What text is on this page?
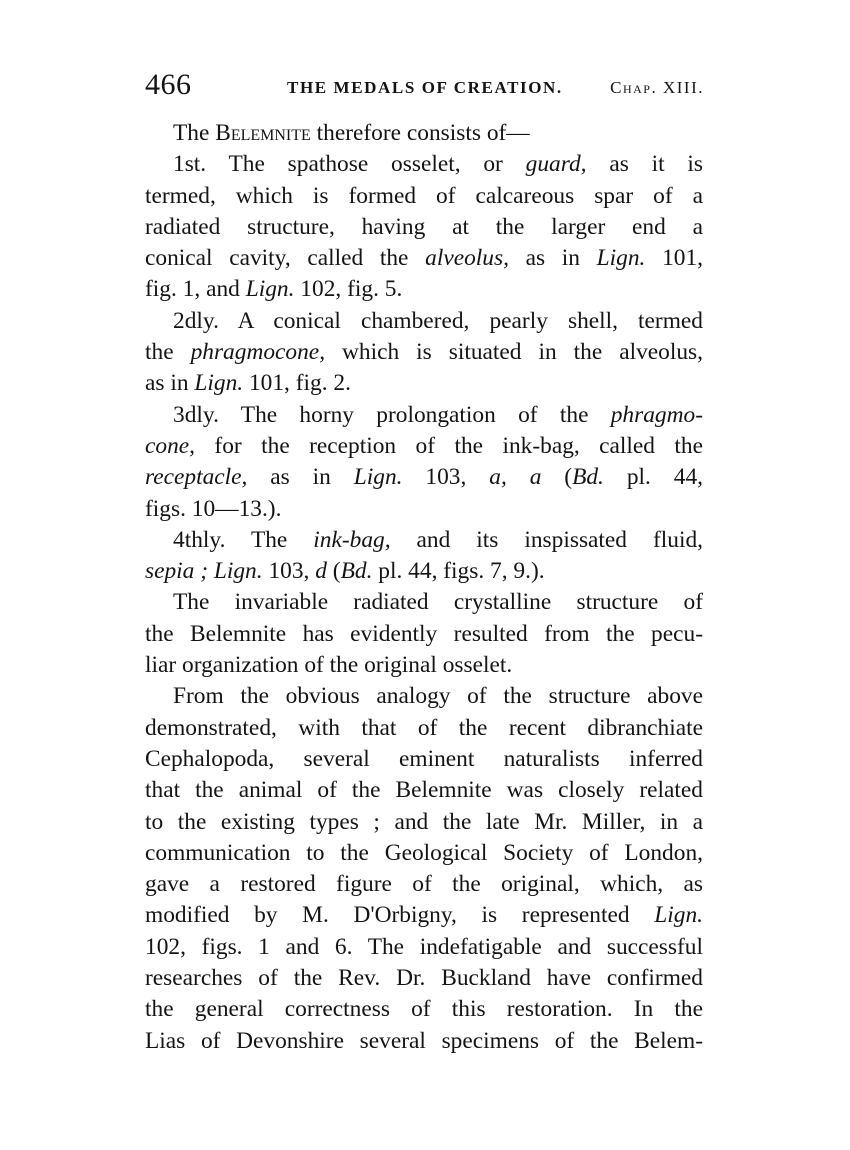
466	THE MEDALS OF CREATION.	Chap. XIII.

The Belemnite therefore consists of—

1st. The spathose osselet, or guard, as it is
termed, which is formed of calcareous spar of a
radiated structure, having at the larger end a
conical cavity, called the alveolus, as in Lign. 101,
fig. 1, and Lign. 102, fig. 5.

2dly. A conical chambered, pearly shell, termed
the phragmocone, which is situated in the alveolus,
as in Lign. 101, fig. 2.

3dly. The horny prolongation of the phragmo-
cone, for the reception of the ink-bag, called the
receptacle, as in Lign. 103, a, a (Bd. pl. 44,
figs. 10—13.).

4thly. The ink-bag, and its inspissated fluid,
sepia ; Lign. 103, d (Bd. pl. 44, figs. 7, 9.).

The invariable radiated crystalline structure of
the Belemnite has evidently resulted from the pecu-
liar organization of the original osselet.

From the obvious analogy of the structure above
demonstrated, with that of the recent dibranchiate
Cephalopoda, several eminent naturalists inferred
that the animal of the Belemnite was closely related
to the existing types ; and the late Mr. Miller, in a
communication to the Geological Society of London,
gave a restored figure of the original, which, as
modified by M. D'Orbigny, is represented Lign.
102, figs. 1 and 6. The indefatigable and successful
researches of the Rev. Dr. Buckland have confirmed
the general correctness of this restoration. In the
Lias of Devonshire several specimens of the Belem-
